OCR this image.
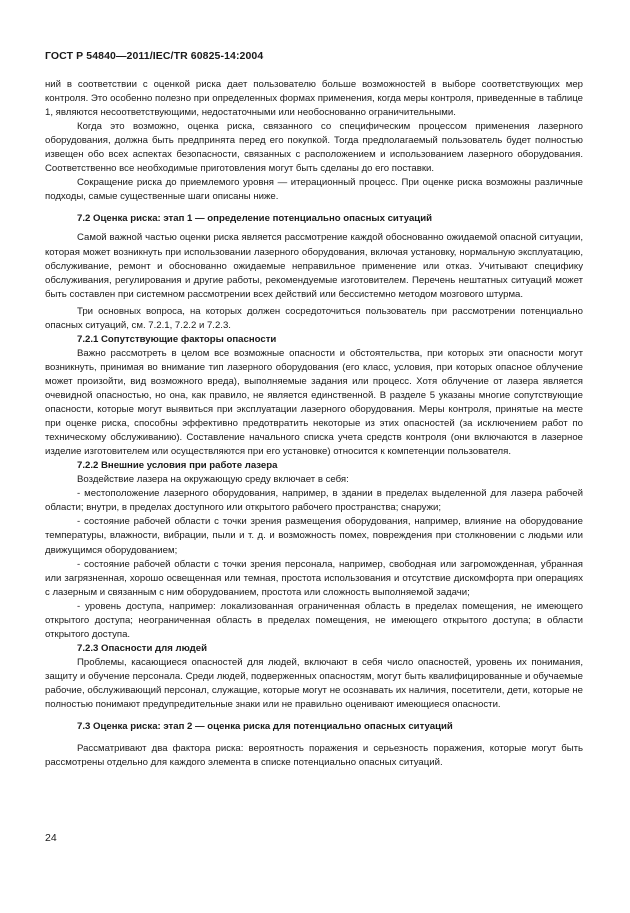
ГОСТ Р 54840—2011/IEC/TR 60825-14:2004

ний в соответствии с оценкой риска дает пользователю больше возможностей в выборе соответствующих мер контроля. Это особенно полезно при определенных формах применения, когда меры контроля, приведенные в таблице 1, являются несоответствующими, недостаточными или необоснованно ограничительными.

Когда это возможно, оценка риска, связанного со специфическим процессом применения лазерного оборудования, должна быть предпринята перед его покупкой. Тогда предполагаемый пользователь будет полностью извещен обо всех аспектах безопасности, связанных с расположением и использованием лазерного оборудования. Соответственно все необходимые приготовления могут быть сделаны до его поставки.

Сокращение риска до приемлемого уровня — итерационный процесс. При оценке риска возможны различные подходы, самые существенные шаги описаны ниже.

7.2 Оценка риска: этап 1 — определение потенциально опасных ситуаций

Самой важной частью оценки риска является рассмотрение каждой обоснованно ожидаемой опасной ситуации, которая может возникнуть при использовании лазерного оборудования, включая установку, нормальную эксплуатацию, обслуживание, ремонт и обоснованно ожидаемые неправильное применение или отказ. Учитывают специфику обслуживания, регулирования и другие работы, рекомендуемые изготовителем. Перечень нештатных ситуаций может быть составлен при системном рассмотрении всех действий или бессистемно методом мозгового штурма.

Три основных вопроса, на которых должен сосредоточиться пользователь при рассмотрении потенциально опасных ситуаций, см. 7.2.1, 7.2.2 и 7.2.3.

7.2.1 Сопутствующие факторы опасности

Важно рассмотреть в целом все возможные опасности и обстоятельства, при которых эти опасности могут возникнуть, принимая во внимание тип лазерного оборудования (его класс, условия, при которых опасное облучение может произойти, вид возможного вреда), выполняемые задания или процесс. Хотя облучение от лазера является очевидной опасностью, но она, как правило, не является единственной. В разделе 5 указаны многие сопутствующие опасности, которые могут выявиться при эксплуатации лазерного оборудования. Меры контроля, принятые на месте при оценке риска, способны эффективно предотвратить некоторые из этих опасностей (за исключением работ по техническому обслуживанию). Составление начального списка учета средств контроля (они включаются в лазерное изделие изготовителем или осуществляются при его установке) относится к компетенции пользователя.

7.2.2 Внешние условия при работе лазера

Воздействие лазера на окружающую среду включает в себя:

- местоположение лазерного оборудования, например, в здании в пределах выделенной для лазера рабочей области; внутри, в пределах доступного или открытого рабочего пространства; снаружи;

- состояние рабочей области с точки зрения размещения оборудования, например, влияние на оборудование температуры, влажности, вибрации, пыли и т. д. и возможность помех, повреждения при столкновении с людьми или движущимся оборудованием;

- состояние рабочей области с точки зрения персонала, например, свободная или загроможденная, убранная или загрязненная, хорошо освещенная или темная, простота использования и отсутствие дискомфорта при операциях с лазерным и связанным с ним оборудованием, простота или сложность выполняемой задачи;

- уровень доступа, например: локализованная ограниченная область в пределах помещения, не имеющего открытого доступа; неограниченная область в пределах помещения, не имеющего открытого доступа; в области открытого доступа.

7.2.3 Опасности для людей

Проблемы, касающиеся опасностей для людей, включают в себя число опасностей, уровень их понимания, защиту и обучение персонала. Среди людей, подверженных опасностям, могут быть квалифицированные и обучаемые рабочие, обслуживающий персонал, служащие, которые могут не осознавать их наличия, посетители, дети, которые не полностью понимают предупредительные знаки или не правильно оценивают имеющиеся опасности.

7.3 Оценка риска: этап 2 — оценка риска для потенциально опасных ситуаций

Рассматривают два фактора риска: вероятность поражения и серьезность поражения, которые могут быть рассмотрены отдельно для каждого элемента в списке потенциально опасных ситуаций.

24
